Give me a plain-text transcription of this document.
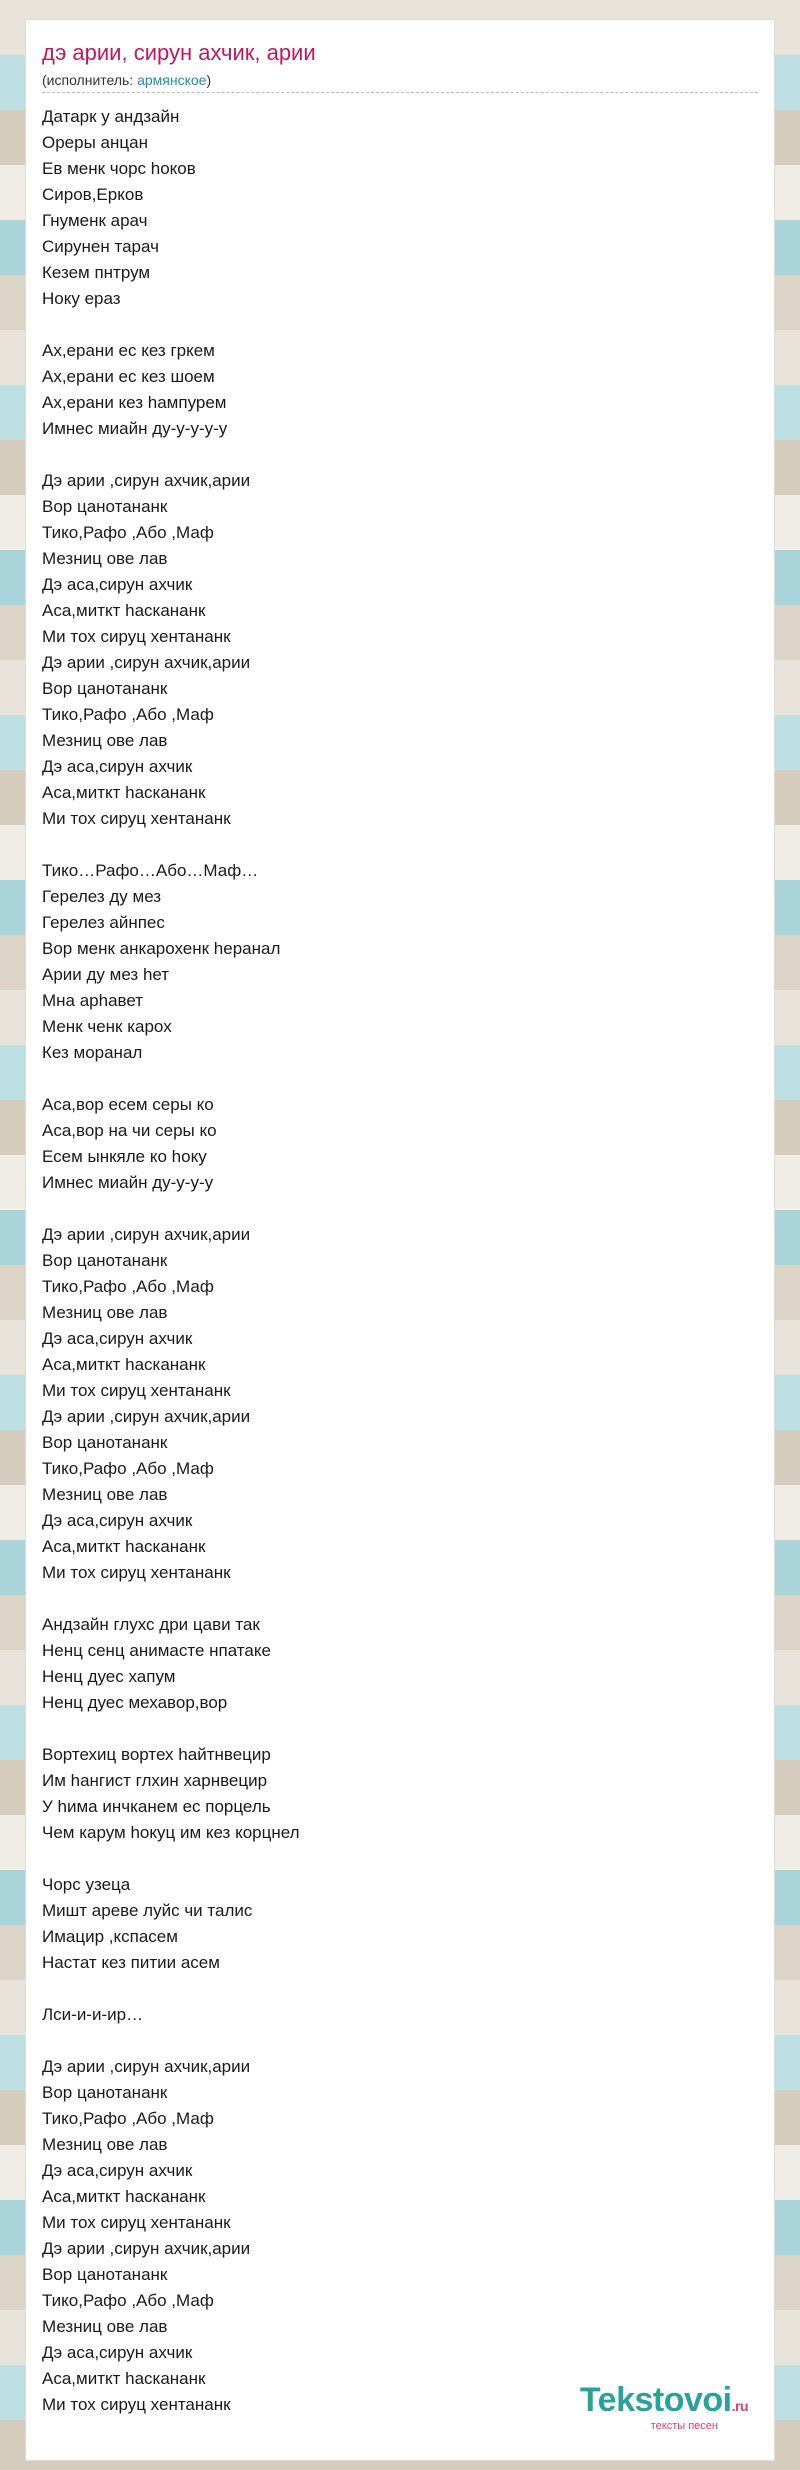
дэ арии, сирун ахчик, арии
(исполнитель: армянское)
Датарк у андзайн
Ореры анцан
Ев менк чорс hоков
Сиров,Ерков
Гнуменк арач
Сирунен тарач
Кезем пнтрум
Ноку ераз
Ах,ерани ес кез гркем
Ах,ерани ес кез шоем
Ах,ерани кез hампурем
Имнес миайн ду-у-у-у-у
Дэ арии ,сирун ахчик,арии
Вор цанотананк
Тико,Рафо ,Або ,Маф
Мезниц ове лав
Дэ аса,сирун ахчик
Аса,миткт hаскананк
Ми тох сируц хентананк
Дэ арии ,сирун ахчик,арии
Вор цанотананк
Тико,Рафо ,Або ,Маф
Мезниц ове лав
Дэ аса,сирун ахчик
Аса,миткт hаскананк
Ми тох сируц хентананк
Тико…Рафо…Або…Маф…
Герелез ду мез
Герелез айнпес
Вор менк анкарохенк hеранал
Арии ду мез hет
Мна арhавет
Менк ченк карох
Кез моранал
Аса,вор есем серы ко
Аса,вор на чи серы ко
Есем ынкяле ко hоку
Имнес миайн ду-у-у-у
Дэ арии ,сирун ахчик,арии
Вор цанотананк
Тико,Рафо ,Або ,Маф
Мезниц ове лав
Дэ аса,сирун ахчик
Аса,миткт hаскананк
Ми тох сируц хентананк
Дэ арии ,сирун ахчик,арии
Вор цанотананк
Тико,Рафо ,Або ,Маф
Мезниц ове лав
Дэ аса,сирун ахчик
Аса,миткт hаскананк
Ми тох сируц хентананк
Андзайн глухс дри цави так
Ненц сенц анимасте нпатаке
Ненц дуес хапум
Ненц дуес мехавор,вор
Вортехиц вортех hайтнвецир
Им hангист глхин харнвецир
У hима инчканем ес порцель
Чем карум hокуц им кез корцнел
Чорс узеца
Мишт ареве луйс чи талис
Имацир ,кспасем
Настат кез питии асем
Лси-и-и-ир…
Дэ арии ,сирун ахчик,арии
Вор цанотананк
Тико,Рафо ,Або ,Маф
Мезниц ове лав
Дэ аса,сирун ахчик
Аса,миткт hаскананк
Ми тох сируц хентананк
Дэ арии ,сирун ахчик,арии
Вор цанотананк
Тико,Рафо ,Або ,Маф
Мезниц ове лав
Дэ аса,сирун ахчик
Аса,миткт hаскананк
Ми тох сируц хентананк	Tekstovoi.ru
тексты песен
